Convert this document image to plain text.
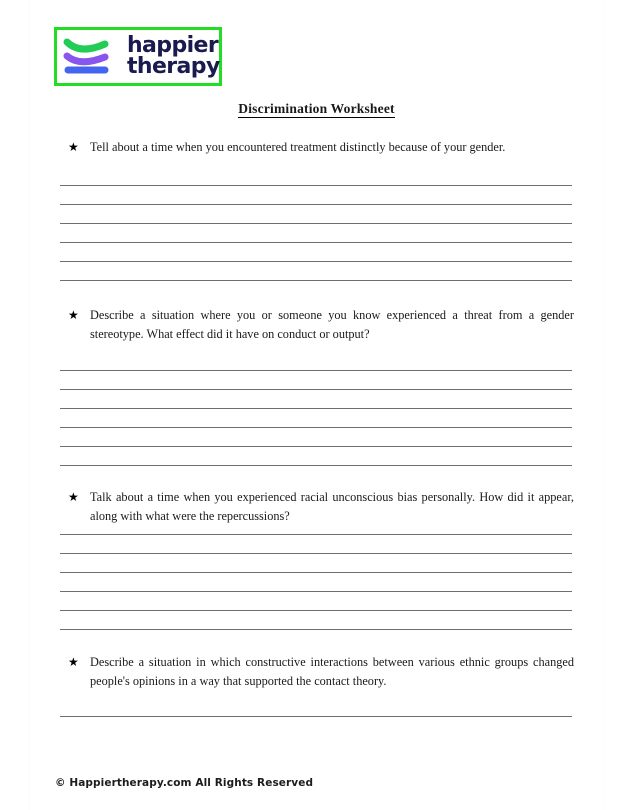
happier
therapy
Discrimination Worksheet
★ Tell about a time when you encountered treatment distinctly because of your gender.
★ Describe a situation where you or someone you know experienced a threat from a gender stereotype. What effect did it have on conduct or output?
★ Talk about a time when you experienced racial unconscious bias personally. How did it appear, along with what were the repercussions?
★ Describe a situation in which constructive interactions between various ethnic groups changed people's opinions in a way that supported the contact theory.
© Happiertherapy.com All Rights Reserved
